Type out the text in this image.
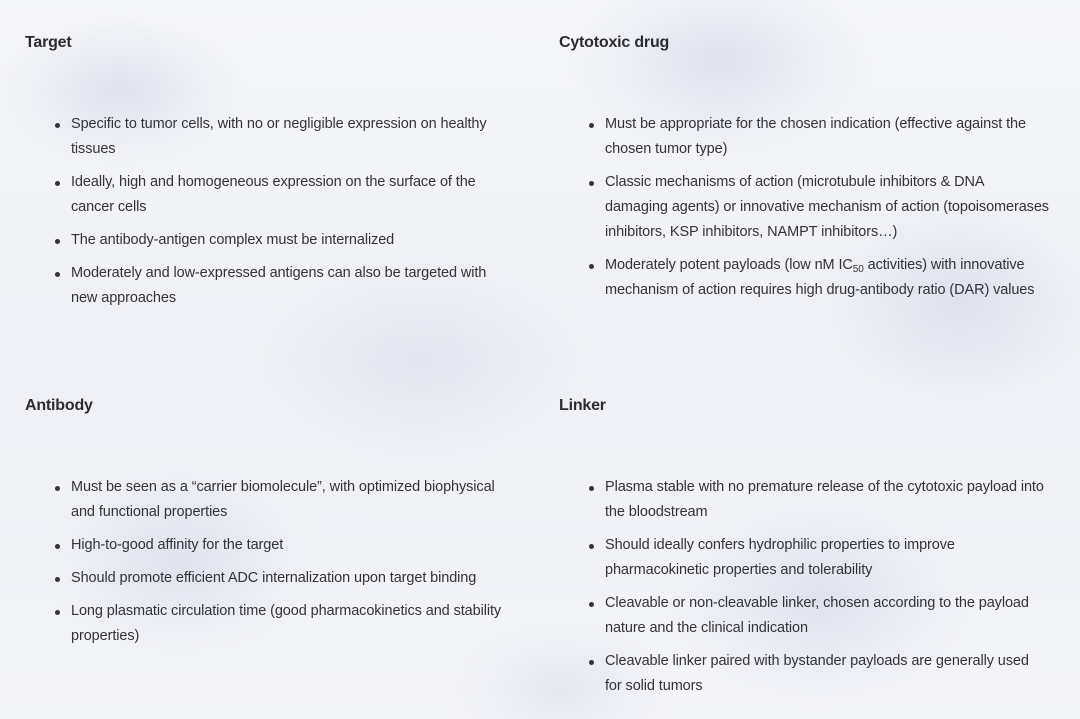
Target
Specific to tumor cells, with no or negligible expression on healthy tissues
Ideally, high and homogeneous expression on the surface of the cancer cells
The antibody-antigen complex must be internalized
Moderately and low-expressed antigens can also be targeted with new approaches
Cytotoxic drug
Must be appropriate for the chosen indication (effective against the chosen tumor type)
Classic mechanisms of action (microtubule inhibitors & DNA damaging agents) or innovative mechanism of action (topoisomerases inhibitors, KSP inhibitors, NAMPT inhibitors…)
Moderately potent payloads (low nM $IC_{50}$ activities) with innovative mechanism of action requires high drug-antibody ratio (DAR) values
Antibody
Must be seen as a “carrier biomolecule”, with optimized biophysical and functional properties
High-to-good affinity for the target
Should promote efficient ADC internalization upon target binding
Long plasmatic circulation time (good pharmacokinetics and stability properties)
Linker
Plasma stable with no premature release of the cytotoxic payload into the bloodstream
Should ideally confers hydrophilic properties to improve pharmacokinetic properties and tolerability
Cleavable or non-cleavable linker, chosen according to the payload nature and the clinical indication
Cleavable linker paired with bystander payloads are generally used for solid tumors
